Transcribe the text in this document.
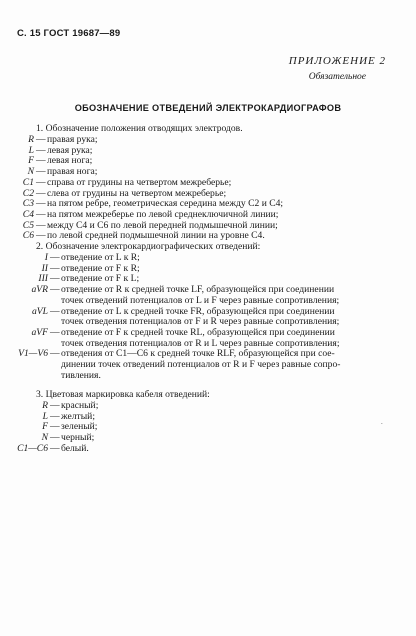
С. 15 ГОСТ 19687—89
ПРИЛОЖЕНИЕ 2
Обязательное
ОБОЗНАЧЕНИЕ ОТВЕДЕНИЙ ЭЛЕКТРОКАРДИОГРАФОВ
1. Обозначение положения отводящих электродов.
R — правая рука;
L — левая рука;
F — левая нога;
N — правая нога;
C1 — справа от грудины на четвертом межреберье;
C2 — слева от грудины на четвертом межреберье;
C3 — на пятом ребре, геометрическая середина между C2 и C4;
C4 — на пятом межреберье по левой среднеключичной линии;
C5 — между C4 и C6 по левой передней подмышечной линии;
C6 — по левой средней подмышечной линии на уровне C4.
2. Обозначение электрокардиографических отведений:
I — отведение от L к R;
II — отведение от F к R;
III — отведение от F к L;
aVR — отведение от R к средней точке LF, образующейся при соединении
точек отведений потенциалов от L и F через равные сопротивления;
aVL — отведение от L к средней точке FR, образующейся при соединении
точек отведения потенциалов от F и R через равные сопротивления;
aVF — отведение от F к средней точке RL, образующейся при соединении
точек отведения потенциалов от R и L через равные сопротивления;
V1—V6 — отведения от C1—C6 к средней точке RLF, образующейся при сое-
динении точек отведений потенциалов от R и F через равные сопро-
тивления.
3. Цветовая маркировка кабеля отведений:
R — красный;
L — желтый;
F — зеленый;
N — черный;
C1—C6 — белый.
.
